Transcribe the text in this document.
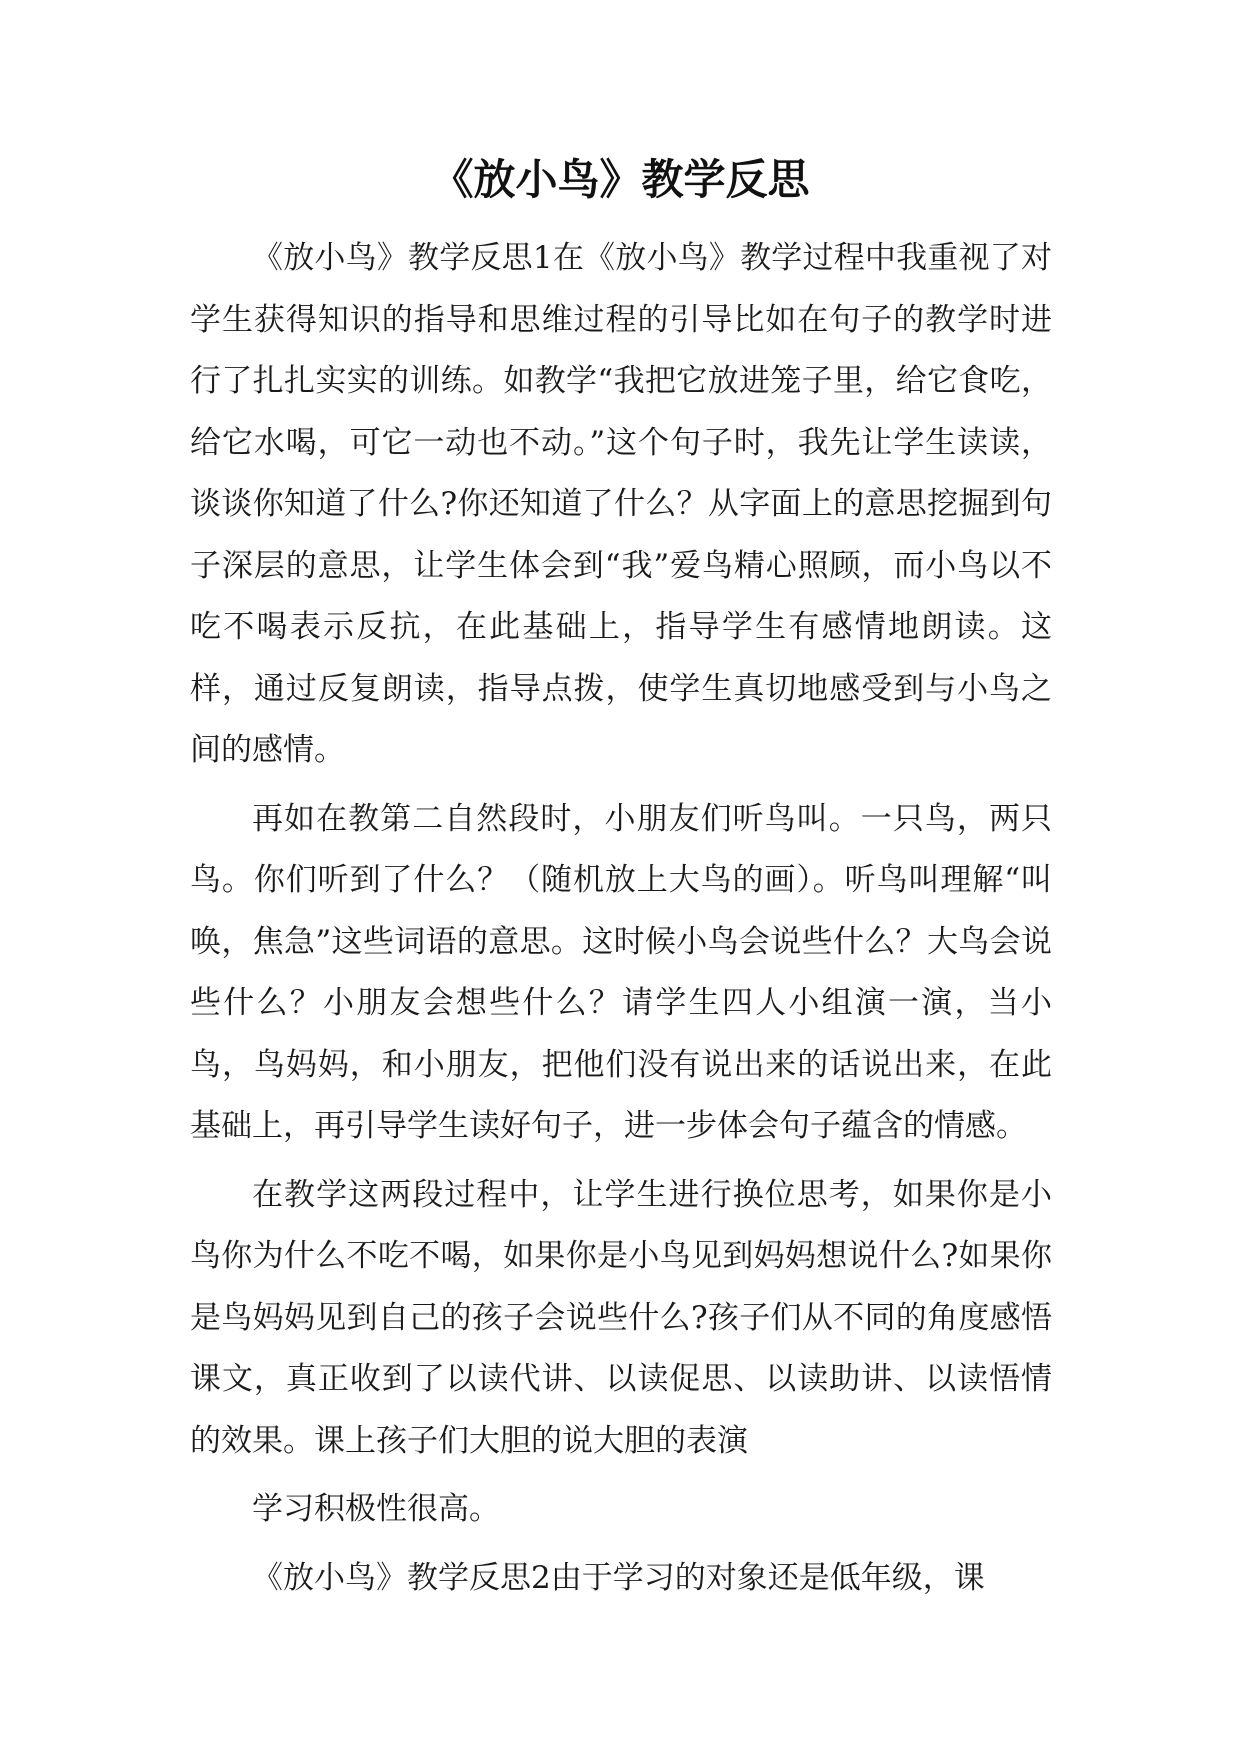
《放小鸟》教学反思

《放小鸟》教学反思1在《放小鸟》教学过程中我重视了对学生获得知识的指导和思维过程的引导比如在句子的教学时进行了扎扎实实的训练。如教学“我把它放进笼子里，给它食吃，给它水喝，可它一动也不动。”这个句子时，我先让学生读读，谈谈你知道了什么?你还知道了什么？从字面上的意思挖掘到句子深层的意思，让学生体会到“我”爱鸟精心照顾，而小鸟以不吃不喝表示反抗，在此基础上，指导学生有感情地朗读。这样，通过反复朗读，指导点拨，使学生真切地感受到与小鸟之间的感情。

再如在教第二自然段时，小朋友们听鸟叫。一只鸟，两只鸟。你们听到了什么？（随机放上大鸟的画）。听鸟叫理解“叫唤，焦急”这些词语的意思。这时候小鸟会说些什么？大鸟会说些什么？小朋友会想些什么？请学生四人小组演一演，当小鸟，鸟妈妈，和小朋友，把他们没有说出来的话说出来，在此基础上，再引导学生读好句子，进一步体会句子蕴含的情感。

在教学这两段过程中，让学生进行换位思考，如果你是小鸟你为什么不吃不喝，如果你是小鸟见到妈妈想说什么?如果你是鸟妈妈见到自己的孩子会说些什么?孩子们从不同的角度感悟课文，真正收到了以读代讲、以读促思、以读助讲、以读悟情的效果。课上孩子们大胆的说大胆的表演

学习积极性很高。

《放小鸟》教学反思2由于学习的对象还是低年级，课
